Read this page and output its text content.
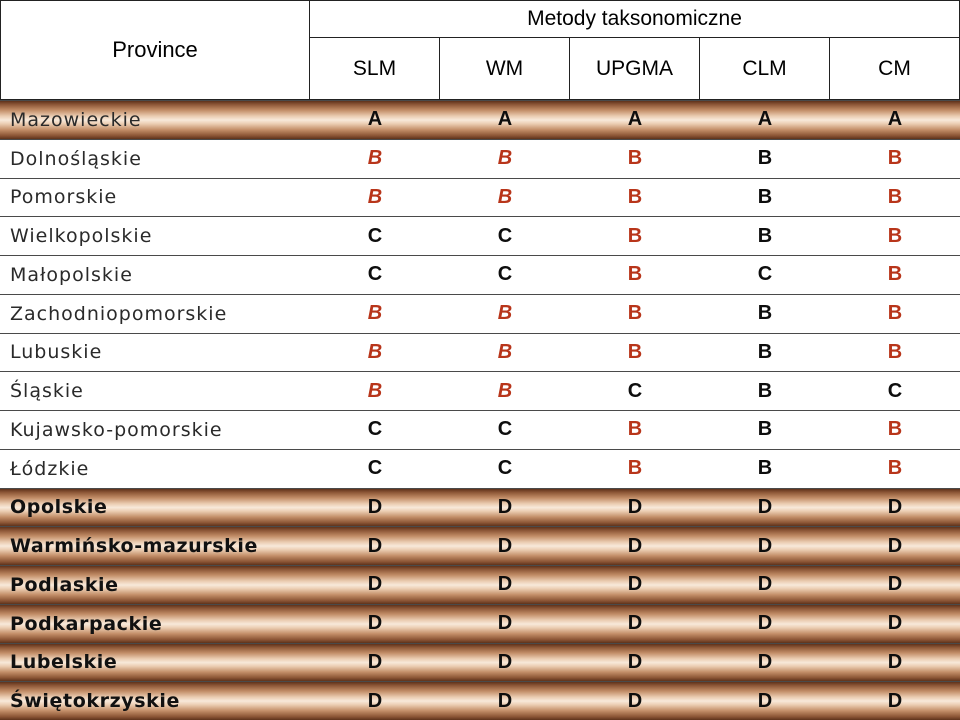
Province
Metody taksonomiczne
SLM	WM	UPGMA	CLM	CM
Mazowieckie	A	A	A	A	A
Dolnośląskie	B	B	B	B	B
Pomorskie	B	B	B	B	B
Wielkopolskie	C	C	B	B	B
Małopolskie	C	C	B	C	B
Zachodniopomorskie	B	B	B	B	B
Lubuskie	B	B	B	B	B
Śląskie	B	B	C	B	C
Kujawsko-pomorskie	C	C	B	B	B
Łódzkie	C	C	B	B	B
Opolskie	D	D	D	D	D
Warmińsko-mazurskie	D	D	D	D	D
Podlaskie	D	D	D	D	D
Podkarpackie	D	D	D	D	D
Lubelskie	D	D	D	D	D
Świętokrzyskie	D	D	D	D	D
